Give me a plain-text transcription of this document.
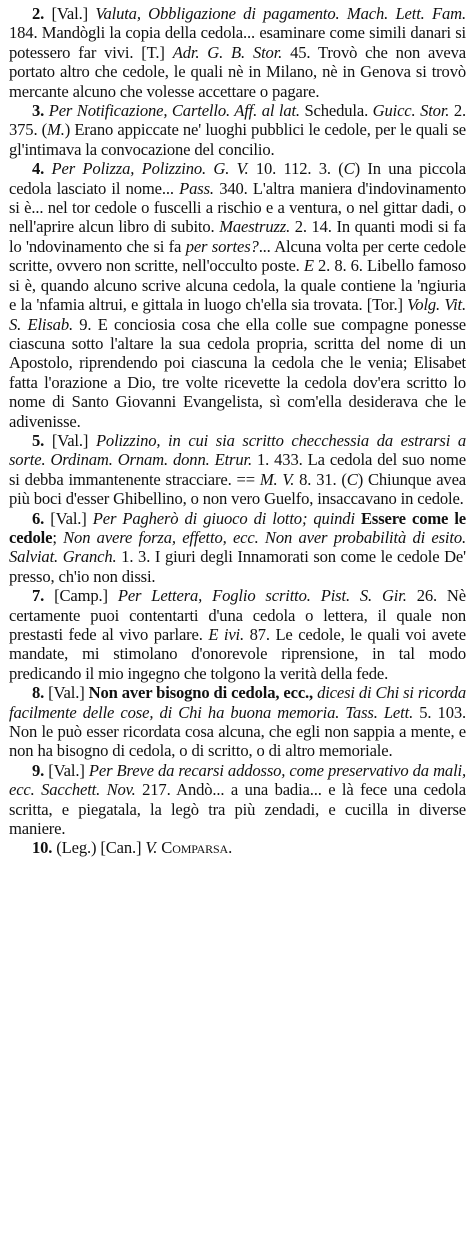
2. [Val.] Valuta, Obbligazione di pagamento. Mach. Lett. Fam. 184. Mandògli la copia della cedola... esaminare come simili danari si potessero far vivi. [T.] Adr. G. B. Stor. 45. Trovò che non aveva portato altro che cedole, le quali nè in Milano, nè in Genova si trovò mercante alcuno che volesse accettare o pagare.

3. Per Notificazione, Cartello. Aff. al lat. Schedula. Guicc. Stor. 2. 375. (M.) Erano appiccate ne' luoghi pubblici le cedole, per le quali se gl'intimava la convocazione del concilio.

4. Per Polizza, Polizzino. G. V. 10. 112. 3. (C) In una piccola cedola lasciato il nome... Pass. 340. L'altra maniera d'indovinamento si è... nel tor cedole o fuscelli a rischio e a ventura, o nel gittar dadi, o nell'aprire alcun libro di subito. Maestruzz. 2. 14. In quanti modi si fa lo 'ndovinamento che si fa per sortes?... Alcuna volta per certe cedole scritte, ovvero non scritte, nell'occulto poste. E 2. 8. 6. Libello famoso si è, quando alcuno scrive alcuna cedola, la quale contiene la 'ngiuria e la 'nfamia altrui, e gittala in luogo ch'ella sia trovata. [Tor.] Volg. Vit. S. Elisab. 9. E conciosia cosa che ella colle sue compagne ponesse ciascuna sotto l'altare la sua cedola propria, scritta del nome di un Apostolo, riprendendo poi ciascuna la cedola che le venia; Elisabet fatta l'orazione a Dio, tre volte ricevette la cedola dov'era scritto lo nome di Santo Giovanni Evangelista, sì com'ella desiderava che le adivenisse.

5. [Val.] Polizzino, in cui sia scritto checchessia da estrarsi a sorte. Ordinam. Ornam. donn. Etrur. 1. 433. La cedola del suo nome si debba immantenente stracciare. == M. V. 8. 31. (C) Chiunque avea più boci d'esser Ghibellino, o non vero Guelfo, insaccavano in cedole.

6. [Val.] Per Pagherò di giuoco di lotto; quindi Essere come le cedole; Non avere forza, effetto, ecc. Non aver probabilità di esito. Salviat. Granch. 1. 3. I giuri degli Innamorati son come le cedole De' presso, ch'io non dissi.

7. [Camp.] Per Lettera, Foglio scritto. Pist. S. Gir. 26. Nè certamente puoi contentarti d'una cedola o lettera, il quale non prestasti fede al vivo parlare. E ivi. 87. Le cedole, le quali voi avete mandate, mi stimolano d'onorevole riprensione, in tal modo predicando il mio ingegno che tolgono la verità della fede.

8. [Val.] Non aver bisogno di cedola, ecc., dicesi di Chi si ricorda facilmente delle cose, di Chi ha buona memoria. Tass. Lett. 5. 103. Non le può esser ricordata cosa alcuna, che egli non sappia a mente, e non ha bisogno di cedola, o di scritto, o di altro memoriale.

9. [Val.] Per Breve da recarsi addosso, come preservativo da mali, ecc. Sacchett. Nov. 217. Andò... a una badia... e là fece una cedola scritta, e piegatala, la legò tra più zendadi, e cucilla in diverse maniere.

10. (Leg.) [Can.] V. Comparsa.
